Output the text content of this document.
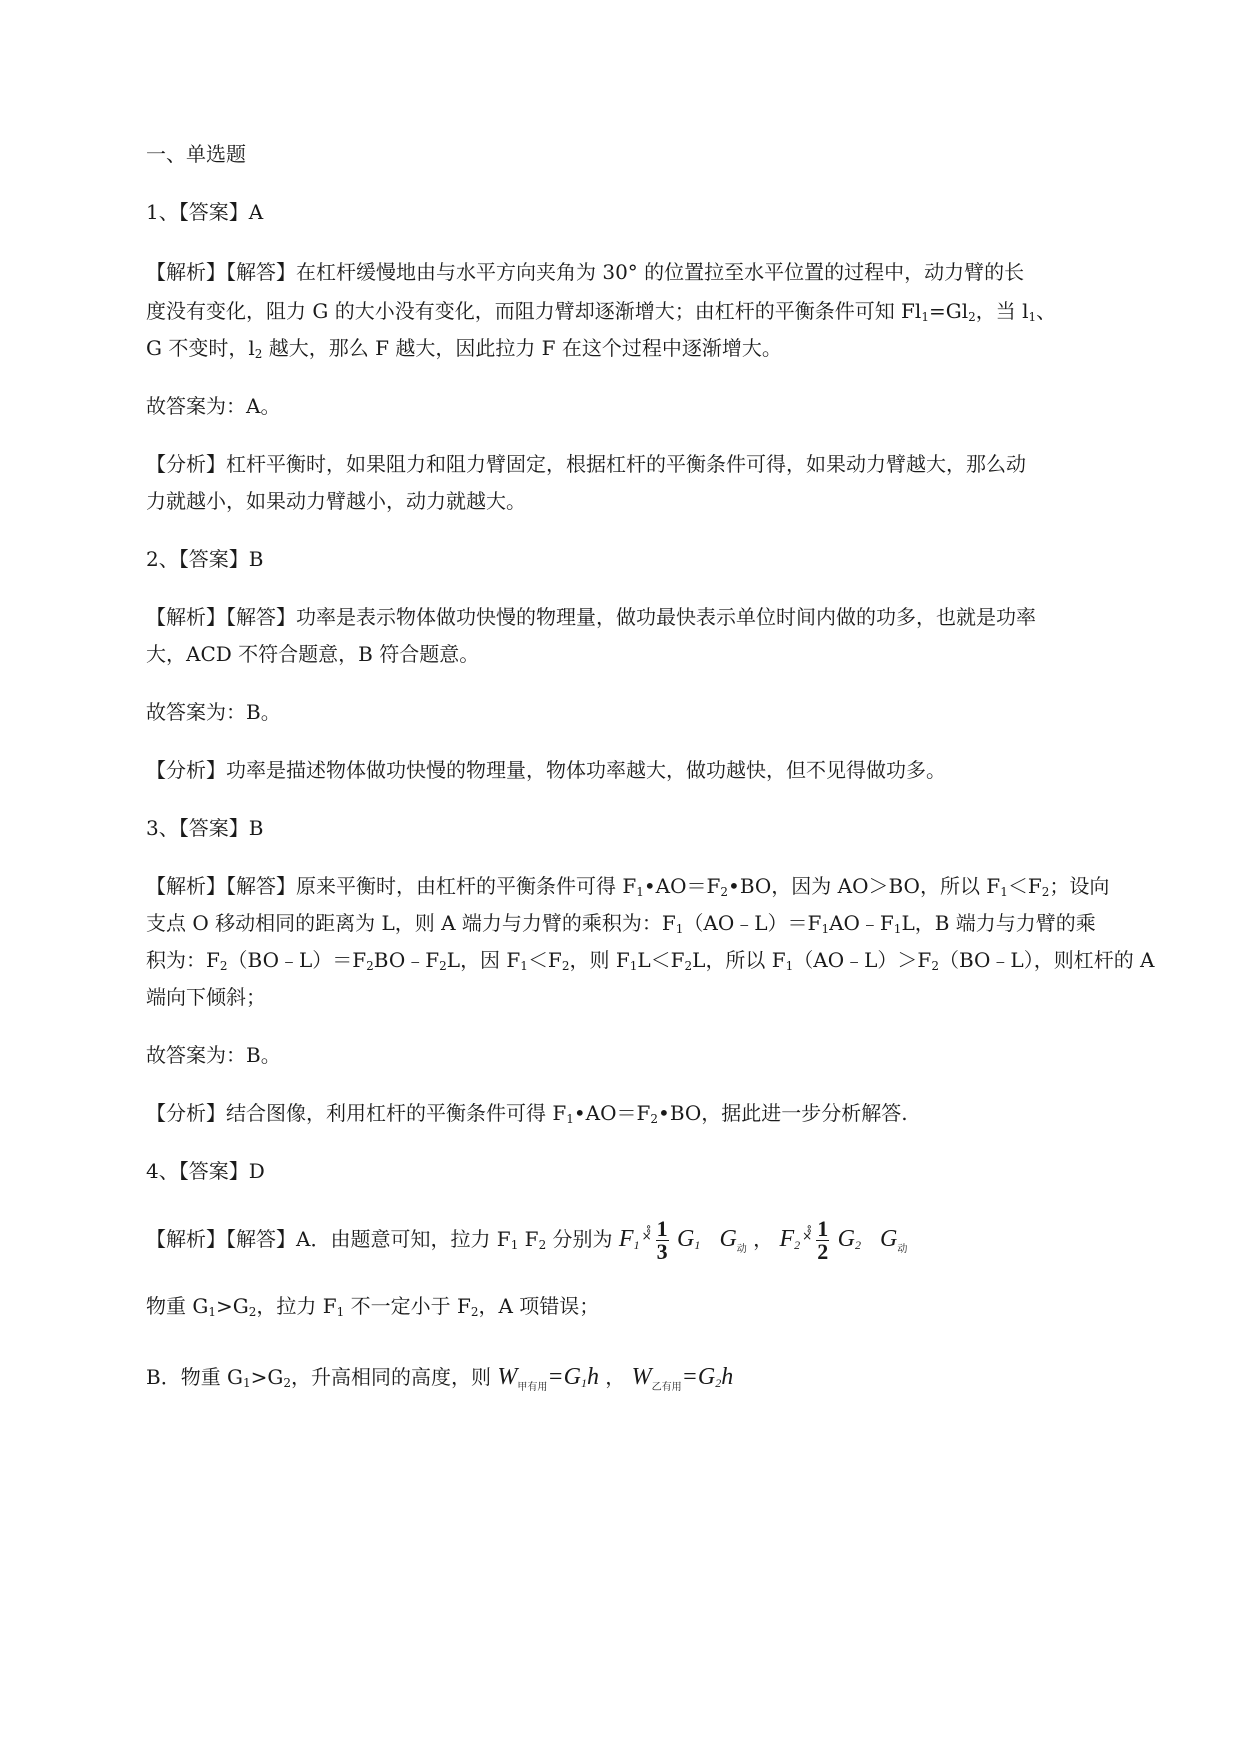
一、单选题
1、【答案】A
【解析】【解答】在杠杆缓慢地由与水平方向夹角为 30° 的位置拉至水平位置的过程中，动力臂的长
度没有变化，阻力 G 的大小没有变化，而阻力臂却逐渐增大；由杠杆的平衡条件可知 $Fl_1=Gl_2$，当 $l_1$、
G 不变时，$l_2$ 越大，那么 F 越大，因此拉力 F 在这个过程中逐渐增大。
故答案为：A。
【分析】杠杆平衡时，如果阻力和阻力臂固定，根据杠杆的平衡条件可得，如果动力臂越大，那么动
力就越小，如果动力臂越小，动力就越大。
2、【答案】B
【解析】【解答】功率是表示物体做功快慢的物理量，做功最快表示单位时间内做的功多，也就是功率
大，ACD 不符合题意，B 符合题意。
故答案为：B。
【分析】功率是描述物体做功快慢的物理量，物体功率越大，做功越快，但不见得做功多。
3、【答案】B
【解析】【解答】原来平衡时，由杠杆的平衡条件可得 $F_1•AO=F_2•BO$，因为 AO＞BO，所以 $F_1<F_2$；设向
支点 O 移动相同的距离为 L，则 A 端力与力臂的乘积为：$F_1(AO﹣L)=F_1AO﹣F_1L$，B 端力与力臂的乘
积为：$F_2(BO﹣L)=F_2BO﹣F_2L$，因 $F_1<F_2$，则 $F_1L<F_2L$，所以 $F_1(AO﹣L)>F_2(BO﹣L)$，则杠杆的 A
端向下倾斜；
故答案为：B。
【分析】结合图像，利用杠杆的平衡条件可得 $F_1•AO=F_2•BO$，据此进一步分析解答.
4、【答案】D
【解析】【解答】A．由题意可知，拉力 $F_1$ $F_2$ 分别为 $F_1^{\times̊̊} \frac{1}{3} G_1$ $G_动$ ， $F_2^{\times̊̊} \frac{1}{2} G_2$ $G_动$
物重 $G_1>G_2$，拉力 $F_1$ 不一定小于 $F_2$，A 项错误；
B．物重 $G_1>G_2$，升高相同的高度，则 $W_{甲有用}=G_1h$ ， $W_{乙有用}=G_2h$
